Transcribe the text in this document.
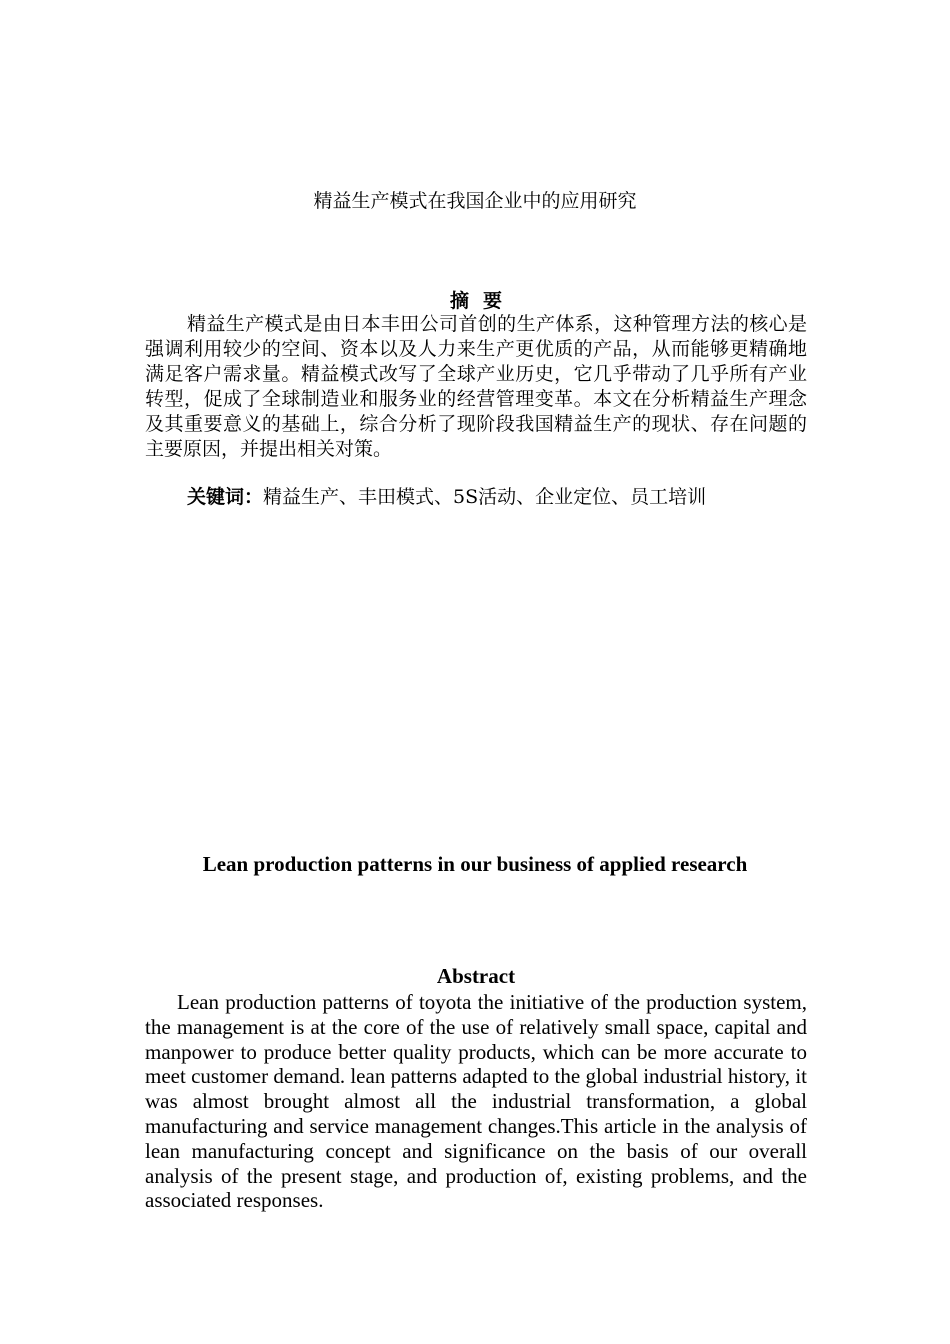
精益生产模式在我国企业中的应用研究
摘要

精益生产模式是由日本丰田公司首创的生产体系，这种管理方法的核心是强调利用较少的空间、资本以及人力来生产更优质的产品，从而能够更精确地满足客户需求量。精益模式改写了全球产业历史，它几乎带动了几乎所有产业转型，促成了全球制造业和服务业的经营管理变革。本文在分析精益生产理念及其重要意义的基础上，综合分析了现阶段我国精益生产的现状、存在问题的主要原因，并提出相关对策。

关键词：精益生产、丰田模式、5S活动、企业定位、员工培训

Lean production patterns in our business of applied research
Abstract

Lean production patterns of toyota the initiative of the production system, the management is at the core of the use of relatively small space, capital and manpower to produce better quality products, which can be more accurate to meet customer demand. lean patterns adapted to the global industrial history, it was almost brought almost all the industrial transformation, a global manufacturing and service management changes.This article in the analysis of lean manufacturing concept and significance on the basis of our overall analysis of the present stage, and production of, existing problems, and the associated responses.
